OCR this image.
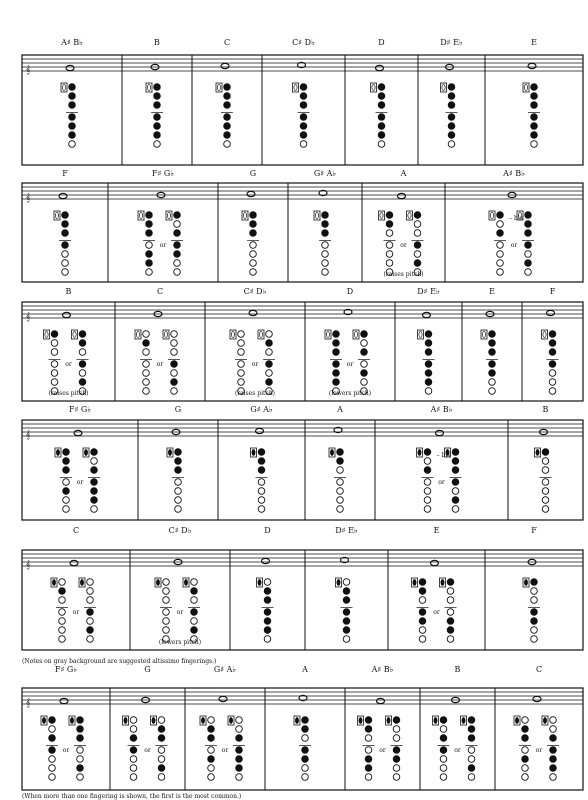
𝄞
A♯ B♭	B	C	C♯ D♭	D	D♯ E♭	E
𝄞
F	F♯ G♭
or
G	G♯ A♭	A
or
(raises pitch)
A♯ B♭
or
𝄞
B
or
(raises pitch)
C
or
C♯ D♭
or
(raises pitch)
D
or
(lowers pitch)
D♯ E♭	E	F
𝄞
F♯ G♭
or
G	G♯ A♭	A	A♯ B♭
or
B
𝄞
C
or
C♯ D♭
or
(lowers pitch)
D	D♯ E♭	E
or
F
𝄞
F♯ G♭
or
G
or
G♯ A♭
or
A	A♯ B♭
or
B
or
C
or
– bis
– bis
(Notes on gray background are suggested altissimo fingerings.)
(When more than one fingering is shown, the first is the most common.)
